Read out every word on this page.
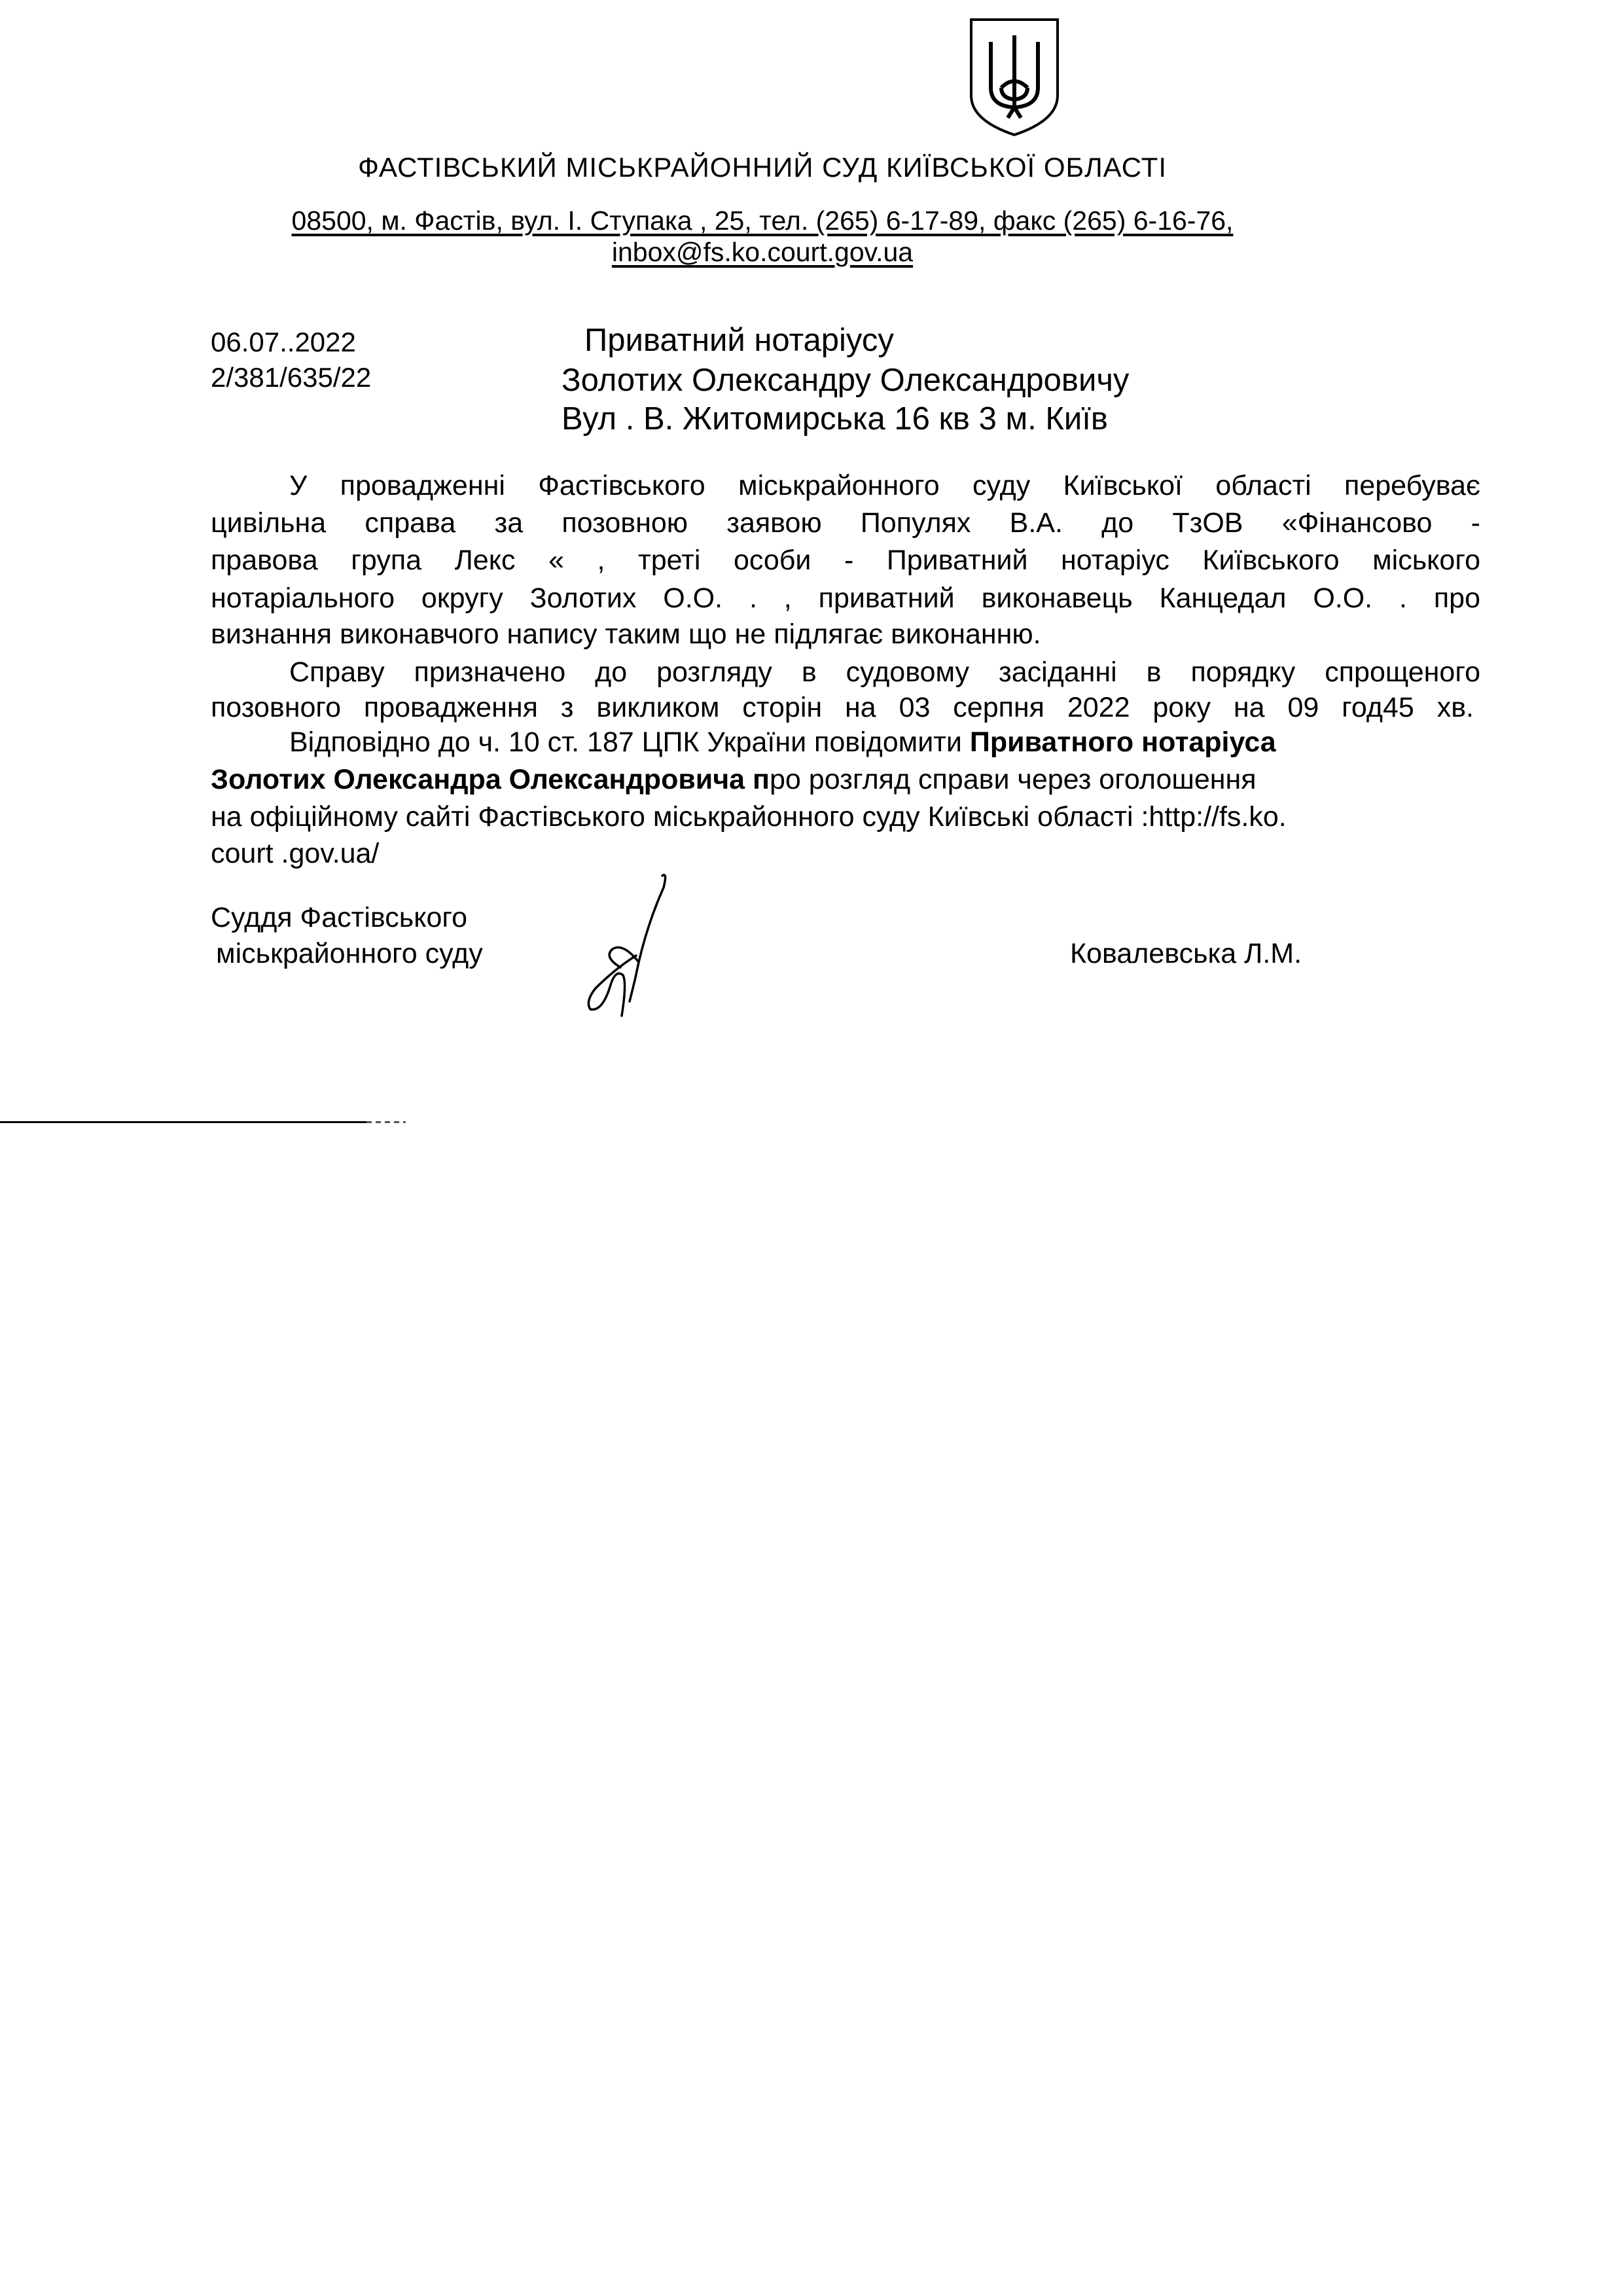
ФАСТІВСЬКИЙ МІСЬКРАЙОННИЙ СУД КИЇВСЬКОЇ ОБЛАСТІ
08500, м. Фастів, вул. І. Ступака , 25, тел. (265) 6-17-89, факс (265) 6-16-76,
inbox@fs.ko.court.gov.ua
06.07..2022
2/381/635/22
Приватний нотаріусу
Золотих Олександру Олександровичу
Вул . В. Житомирська 16 кв 3 м. Київ
У провадженні Фастівського міськрайонного суду Київської області перебуває
цивільна справа за позовною заявою Популях В.А. до ТзОВ «Фінансово -
правова група Лекс « , треті особи - Приватний нотаріус Київського міського
нотаріального округу Золотих О.О. . , приватний виконавець Канцедал О.О. . про
визнання виконавчого напису таким що не підлягає виконанню.
Справу призначено до розгляду в судовому засіданні в порядку спрощеного
позовного провадження з викликом сторін на 03 серпня 2022 року на 09 год45 хв.
Відповідно до ч. 10 ст. 187 ЦПК України повідомити Приватного нотаріуса
Золотих Олександра Олександровича про розгляд справи через оголошення
на офіційному сайті Фастівського міськрайонного суду Київські області :http://fs.ko.
court .gov.ua/
Суддя Фастівського
міськрайонного суду	Ковалевська Л.М.
